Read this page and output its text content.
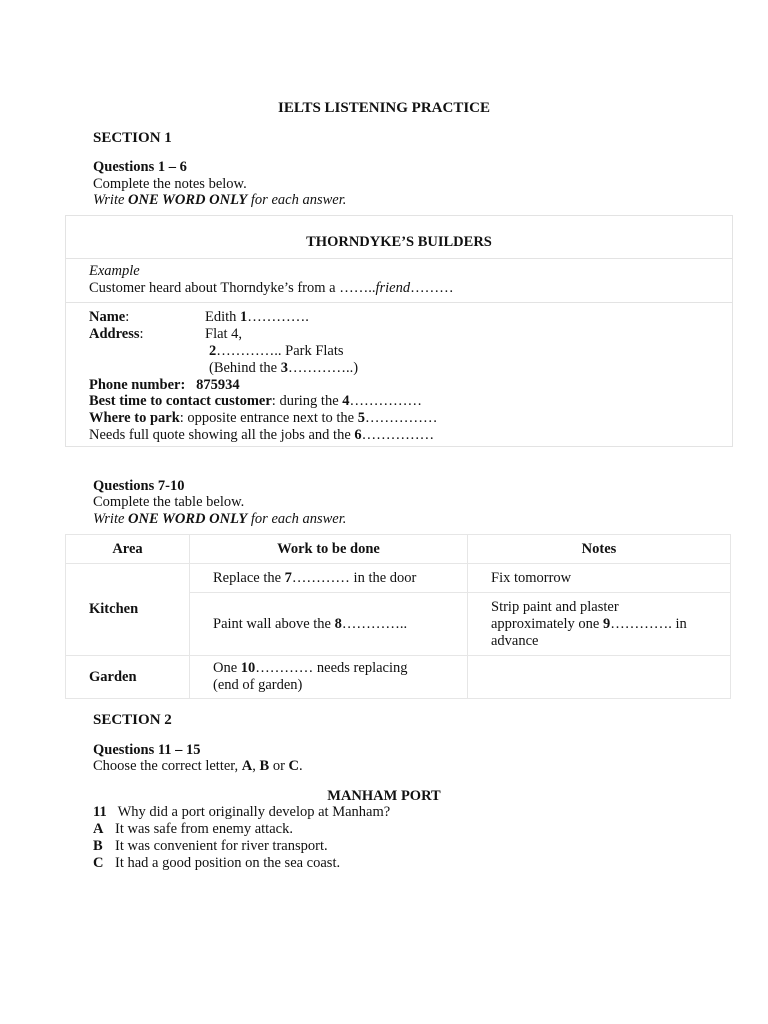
IELTS LISTENING PRACTICE
SECTION 1
Questions 1 – 6
Complete the notes below.
Write ONE WORD ONLY for each answer.
THORNDYKE’S BUILDERS
Example
Customer heard about Thorndyke’s from a ……..friend………
Name:	Edith 1………….
Address:	Flat 4,
2………….. Park Flats
(Behind the 3…………..)
Phone number: 875934
Best time to contact customer: during the 4……………
Where to park: opposite entrance next to the 5……………
Needs full quote showing all the jobs and the 6……………
Questions 7-10
Complete the table below.
Write ONE WORD ONLY for each answer.
Area	Work to be done	Notes
Kitchen	Replace the 7………… in the door	Fix tomorrow
	Paint wall above the 8…………..	Strip paint and plaster
approximately one 9…………. in
advance

Garden	One 10………… needs replacing
(end of garden)	

SECTION 2
Questions 11 – 15
Choose the correct letter, A, B or C.
MANHAM PORT
11 Why did a port originally develop at Manham?
A It was safe from enemy attack.
B It was convenient for river transport.
C It had a good position on the sea coast.
